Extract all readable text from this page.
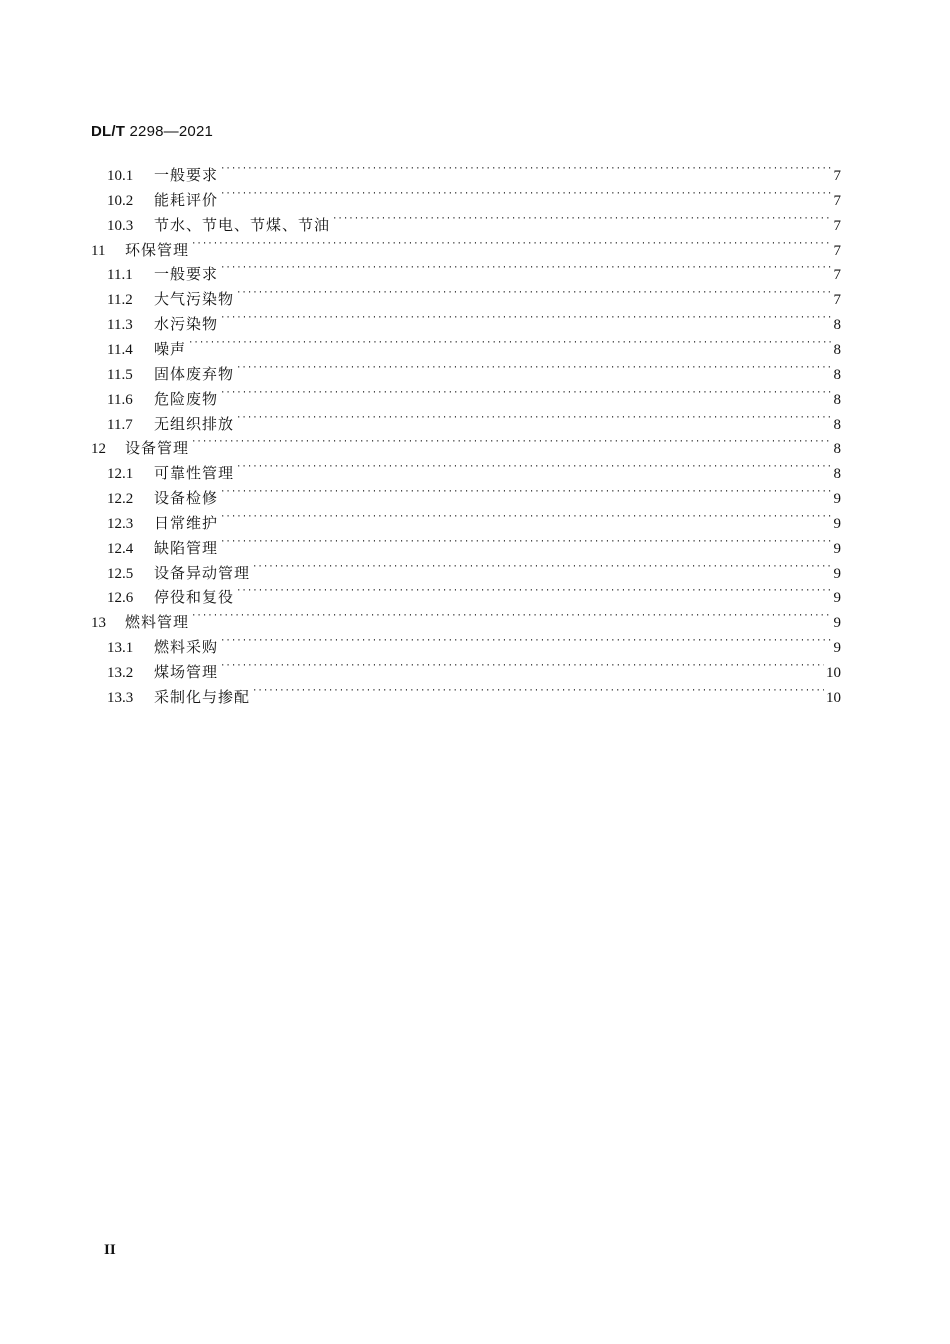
DL/T 2298—2021
10.1	一般要求 ·····	7
10.2	能耗评价 ·····	7
10.3	节水、节电、节煤、节油 ·····	7
11	环保管理 ·····	7
11.1	一般要求 ·····	7
11.2	大气污染物 ·····	7
11.3	水污染物 ·····	8
11.4	噪声 ·····	8
11.5	固体废弃物 ·····	8
11.6	危险废物 ·····	8
11.7	无组织排放 ·····	8
12	设备管理 ·····	8
12.1	可靠性管理 ·····	8
12.2	设备检修 ·····	9
12.3	日常维护 ·····	9
12.4	缺陷管理 ·····	9
12.5	设备异动管理 ·····	9
12.6	停役和复役 ·····	9
13	燃料管理 ·····	9
13.1	燃料采购 ·····	9
13.2	煤场管理 ·····	10
13.3	采制化与掺配 ·····	10
II
